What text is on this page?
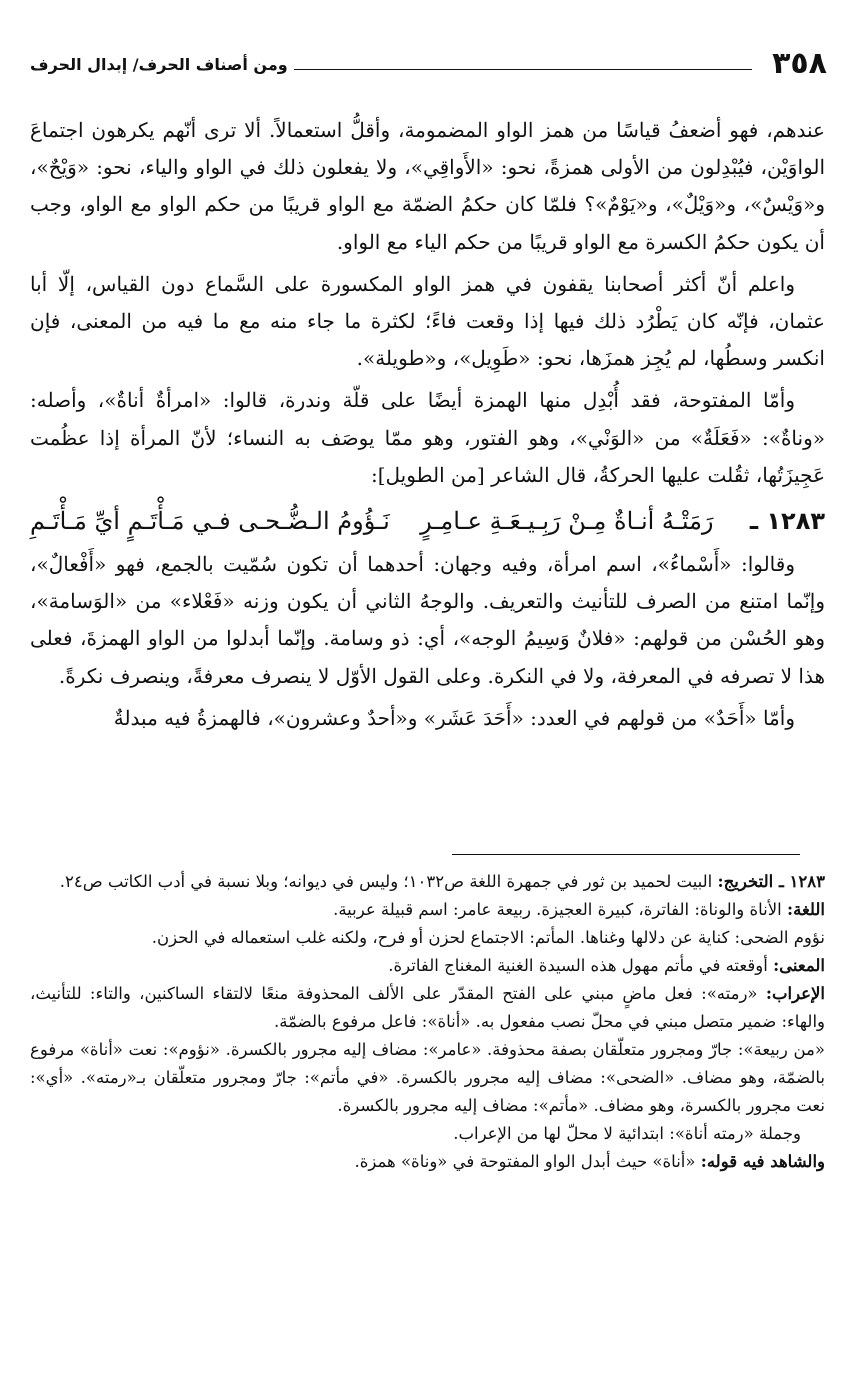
٣٥٨
ومن أصناف الحرف/ إبدال الحرف

عندهم، فهو أضعفُ قياسًا من همز الواو المضمومة، وأقلُّ استعمالاً. ألا ترى أنّهم يكرهون اجتماعَ الواوَيْن، فيُبْدِلون من الأولى همزةً، نحو: «الأَواقِي»، ولا يفعلون ذلك في الواو والياء، نحو: «وَيْحٌ»، و«وَيْسٌ»، و«وَيْلٌ»، و«يَوْمٌ»؟ فلمّا كان حكمُ الضمّة مع الواو قريبًا من حكم الواو مع الواو، وجب أن يكون حكمُ الكسرة مع الواو قريبًا من حكم الياء مع الواو.

واعلم أنّ أكثر أصحابنا يقفون في همز الواو المكسورة على السَّماع دون القياس، إلّا أبا عثمان، فإنّه كان يَطْرُد ذلك فيها إذا وقعت فاءً؛ لكثرة ما جاء منه مع ما فيه من المعنى، فإن انكسر وسطُها، لم يُجِز همزَها، نحو: «طَوِيل»، و«طويلة».

وأمّا المفتوحة، فقد أُبْدِل منها الهمزة أيضًا على قلّة وندرة، قالوا: «امرأةٌ أناةٌ»، وأصله: «وناةٌ»: «فَعَلَةٌ» من «الوَنْي»، وهو الفتور، وهو ممّا يوصَف به النساء؛ لأنّ المرأة إذا عظُمت عَجِيزَتُها، ثقُلت عليها الحركةُ، قال الشاعر [من الطويل]:

١٢٨٣ ـ
رَمَتْـهُ أنـاةٌ مِـنْ رَبِـيـعَـةِ عـامِـرٍ
نَـؤُومُ الـضُّـحـى فـي مَـأْتَـمٍ أيِّ مَـأْتَـمِ

وقالوا: «أَسْماءُ»، اسم امرأة، وفيه وجهان: أحدهما أن تكون سُمّيت بالجمع، فهو «أَفْعالٌ»، وإنّما امتنع من الصرف للتأنيث والتعريف. والوجهُ الثاني أن يكون وزنه «فَعْلاء» من «الوَسامة»، وهو الحُسْن من قولهم: «فلانٌ وَسِيمُ الوجه»، أي: ذو وسامة. وإنّما أبدلوا من الواو الهمزةَ، فعلى هذا لا تصرفه في المعرفة، ولا في النكرة. وعلى القول الأوّل لا ينصرف معرفةً، وينصرف نكرةً.

وأمّا «أَحَدٌ» من قولهم في العدد: «أَحَدَ عَشَر» و«أحدٌ وعشرون»، فالهمزةُ فيه مبدلةٌ

١٢٨٣ ـ التخريج: البيت لحميد بن ثور في جمهرة اللغة ص١٠٣٢؛ وليس في ديوانه؛ وبلا نسبة في أدب الكاتب ص٢٤.

اللغة: الأناة والوناة: الفاترة، كبيرة العجيزة. ربيعة عامر: اسم قبيلة عربية.

نؤوم الضحى: كناية عن دلالها وغناها. المأتم: الاجتماع لحزن أو فرح، ولكنه غلب استعماله في الحزن.

المعنى: أوقعته في مأتم مهول هذه السيدة الغنية المغناج الفاترة.

الإعراب: «رمته»: فعل ماضٍ مبني على الفتح المقدّر على الألف المحذوفة منعًا لالتقاء الساكنين، والتاء: للتأنيث، والهاء: ضمير متصل مبني في محلّ نصب مفعول به. «أناة»: فاعل مرفوع بالضمّة.

«من ربيعة»: جارّ ومجرور متعلّقان بصفة محذوفة. «عامر»: مضاف إليه مجرور بالكسرة. «نؤوم»: نعت «أناة» مرفوع بالضمّة، وهو مضاف. «الضحى»: مضاف إليه مجرور بالكسرة. «في مأتم»: جارّ ومجرور متعلّقان بـ«رمته». «أي»: نعت مجرور بالكسرة، وهو مضاف. «مأتم»: مضاف إليه مجرور بالكسرة.

وجملة «رمته أناة»: ابتدائية لا محلّ لها من الإعراب.

والشاهد فيه قوله: «أناة» حيث أبدل الواو المفتوحة في «وناة» همزة.
